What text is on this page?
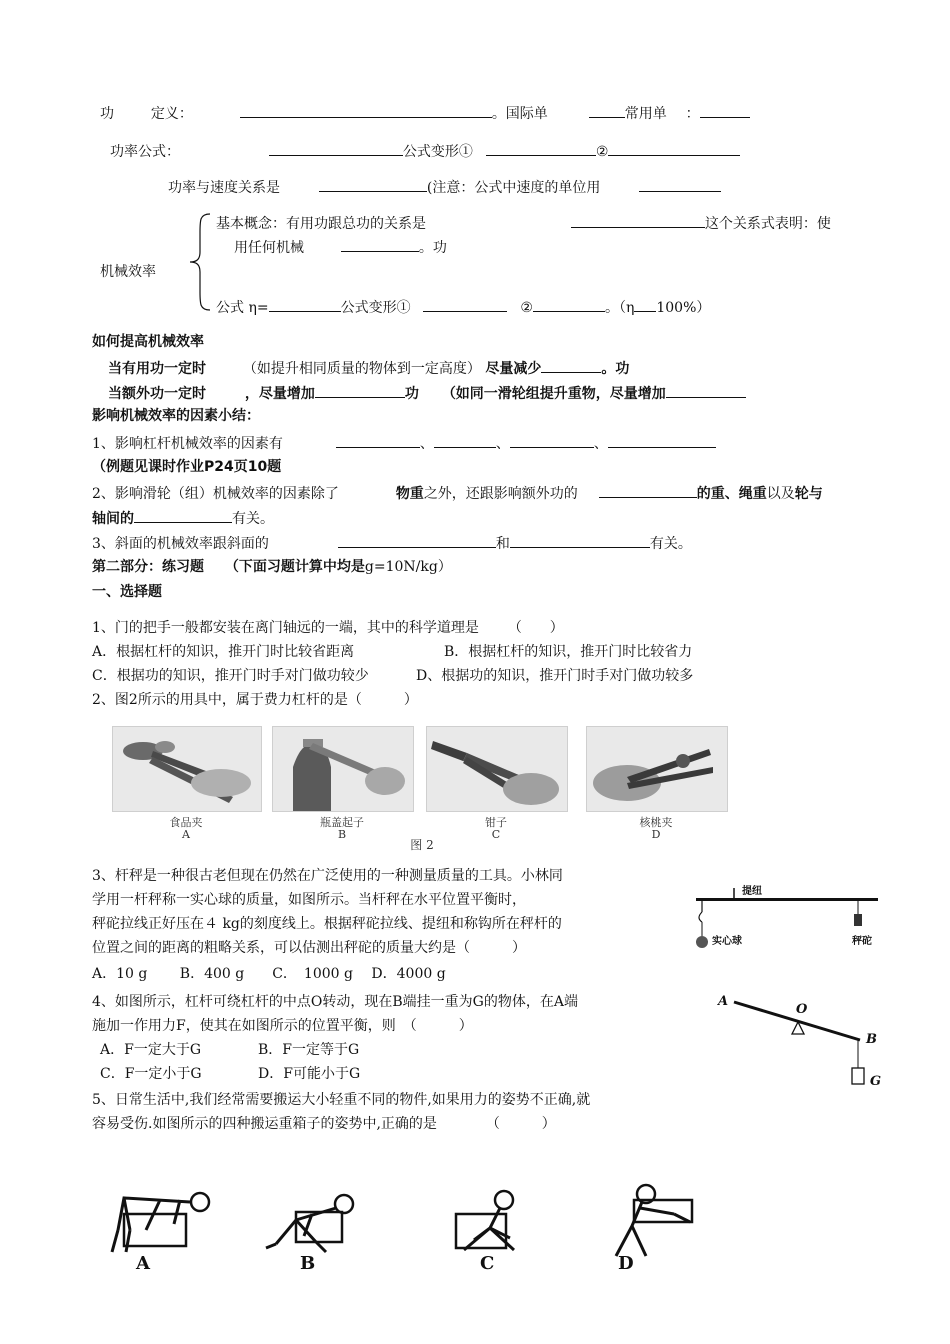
功	定义：	。国际单	常用单 ：
功率公式：	公式变形①	②
功率与速度关系是	(注意：公式中速度的单位用
机械效率
基本概念：有用功跟总功的关系是	这个关系式表明：使
用任何机械	。功
公式 η=	公式变形①	②	。（η 100%）
如何提高机械效率
当有用功一定时	（如提升相同质量的物体到一定高度） 尽量减少	。功
当额外功一定时	，尽量增加	功 （如同一滑轮组提升重物，尽量增加
影响机械效率的因素小结：
1、影响杠杆机械效率的因素有	、	、	、
（例题见课时作业P24页10题
2、影响滑轮（组）机械效率的因素除了	物重之外，还跟影响额外功的	的重、绳重以及轮与
轴间的	有关。
3、斜面的机械效率跟斜面的	和	有关。
第二部分：练习题 （下面习题计算中均是g=10N/kg）
一、选择题
1、门的把手一般都安装在离门轴远的一端，其中的科学道理是 （　　）
A．根据杠杆的知识，推开门时比较省距离	B．根据杠杆的知识，推开门时比较省力
C．根据功的知识，推开门时手对门做功较少	D、根据功的知识，推开门时手对门做功较多
2、图2所示的用具中，属于费力杠杆的是（　　　）
食品夹
A
瓶盖起子
B
钳子
C
核桃夹
D
图 2
3、杆秤是一种很古老但现在仍然在广泛使用的一种测量质量的工具。小林同
学用一杆秤称一实心球的质量，如图所示。当杆秤在水平位置平衡时，
秤砣拉线正好压在４ kg的刻度线上。根据秤砣拉线、提纽和称钩所在秤杆的
位置之间的距离的粗略关系，可以估测出秤砣的质量大约是（　　　）
A．10 g　　 B．400 g　　C．　1000 g　 D．4000 g
提纽
实心球	秤砣
4、如图所示，杠杆可绕杠杆的中点O转动，现在B端挂一重为G的物体，在A端
施加一作用力F，使其在如图所示的位置平衡，则　（　　　）
A．F一定大于G	B．F一定等于G
C．F一定小于G	D．F可能小于G
A
O
B
G
5、日常生活中,我们经常需要搬运大小轻重不同的物件,如果用力的姿势不正确,就
容易受伤.如图所示的四种搬运重箱子的姿势中,正确的是	（　　　）
A	B	C	D
